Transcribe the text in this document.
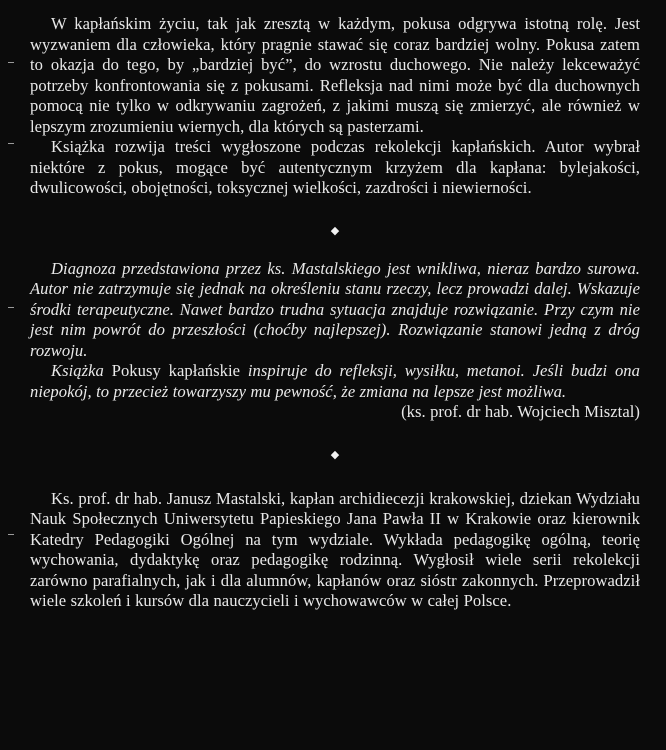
W kapłańskim życiu, tak jak zresztą w każdym, pokusa odgrywa istotną rolę. Jest wyzwaniem dla człowieka, który pragnie stawać się coraz bardziej wolny. Pokusa zatem to okazja do tego, by „bardziej być”, do wzrostu duchowego. Nie należy lekceważyć potrzeby konfrontowania się z pokusami. Refleksja nad nimi może być dla duchownych pomocą nie tylko w odkrywaniu zagrożeń, z jakimi muszą się zmierzyć, ale również w lepszym zrozumieniu wiernych, dla których są pasterzami.

Książka rozwija treści wygłoszone podczas rekolekcji kapłańskich. Autor wybrał niektóre z pokus, mogące być autentycznym krzyżem dla kapłana: bylejakości, dwulicowości, obojętności, toksycznej wielkości, zazdrości i niewierności.

◆

Diagnoza przedstawiona przez ks. Mastalskiego jest wnikliwa, nieraz bardzo surowa. Autor nie zatrzymuje się jednak na określeniu stanu rzeczy, lecz prowadzi dalej. Wskazuje środki terapeutyczne. Nawet bardzo trudna sytuacja znajduje rozwiązanie. Przy czym nie jest nim powrót do przeszłości (choćby najlepszej). Rozwiązanie stanowi jedną z dróg rozwoju.

Książka Pokusy kapłańskie inspiruje do refleksji, wysiłku, metanoi. Jeśli budzi ona niepokój, to przecież towarzyszy mu pewność, że zmiana na lepsze jest możliwa.

(ks. prof. dr hab. Wojciech Misztal)

◆

Ks. prof. dr hab. Janusz Mastalski, kapłan archidiecezji krakowskiej, dziekan Wydziału Nauk Społecznych Uniwersytetu Papieskiego Jana Pawła II w Krakowie oraz kierownik Katedry Pedagogiki Ogólnej na tym wydziale. Wykłada pedagogikę ogólną, teorię wychowania, dydaktykę oraz pedagogikę rodzinną. Wygłosił wiele serii rekolekcji zarówno parafialnych, jak i dla alumnów, kapłanów oraz sióstr zakonnych. Przeprowadził wiele szkoleń i kursów dla nauczycieli i wychowawców w całej Polsce.
